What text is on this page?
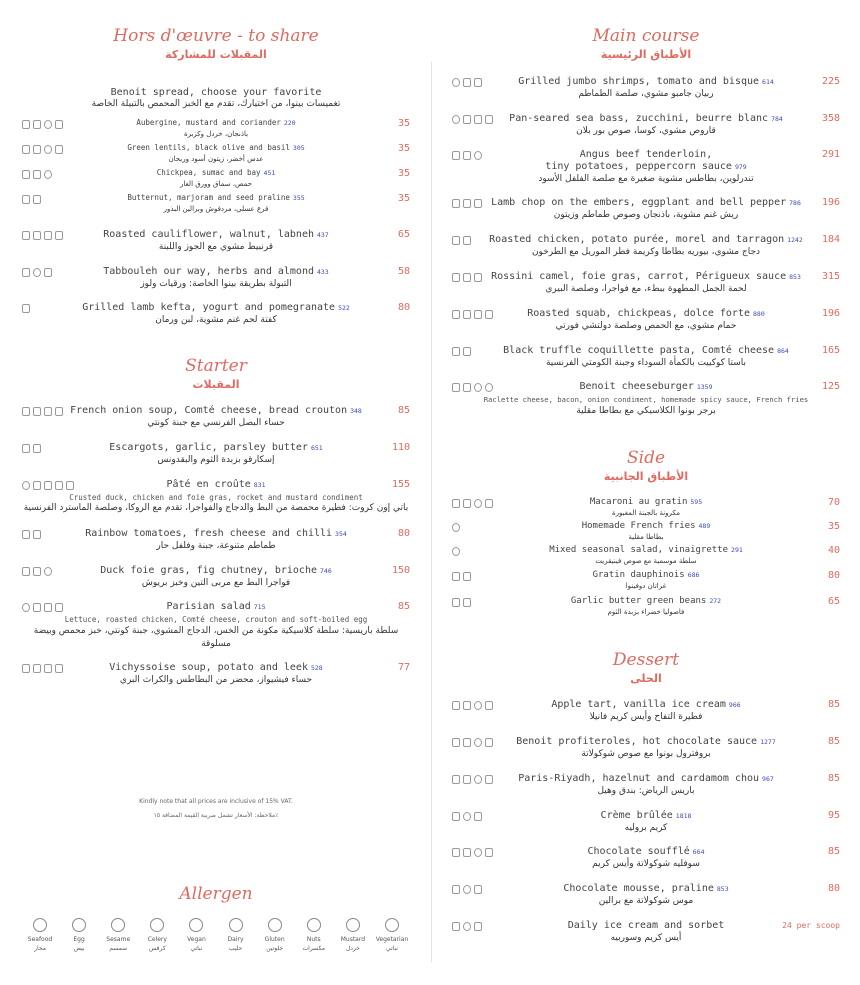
Hors d'œuvre - to share
المقبلات للمشاركة
Benoit spread, choose your favorite
تغميسات بينوا، من اختيارك، تقدم مع الخبز المحمص بالتبيلة الخاصة
Aubergine, mustard and coriander 220
باذنجان، خردل وكزبرة
35
Green lentils, black olive and basil 305
عدس أخضر، زيتون أسود وريحان
35
Chickpea, sumac and bay 451
حمص، سماق وورق الغار
35
Butternut, marjoram and seed praline 355
قرع عسلي، مردقوش وبرالين البذور
35
Roasted cauliflower, walnut, labneh 437
قرنبيط مشوي مع الجوز واللبنة
65
Tabbouleh our way, herbs and almond 433
التبولة بطريقة بينوا الخاصة: ورقيات ولوز
58
Grilled lamb kefta, yogurt and pomegranate 522
كفتة لحم غنم مشوية، لبن ورمان
80
Starter
المقبلات
French onion soup, Comté cheese, bread crouton 348
حساء البصل الفرنسي مع جبنة كونتي
85
Escargots, garlic, parsley butter 651
إسكارقو بزبدة الثوم والبقدونس
110
Pâté en croûte 831
Crusted duck, chicken and foie gras, rocket and mustard condiment
باتي إون كروت: فطيرة محمصة من البط والدجاج والفواجرا، تقدم مع الروكا، وصلصة الماسترد الفرنسية
155
Rainbow tomatoes, fresh cheese and chilli 354
طماطم متنوعة، جبنة وفلفل حار
80
Duck foie gras, fig chutney, brioche 746
فواجرا البط مع مربى التين وخبز بريوش
150
Parisian salad 715
Lettuce, roasted chicken, Comté cheese, crouton and soft-boiled egg
سلطة باريسية: سلطة كلاسيكية مكونة من الخس، الدجاج المشوي، جبنة كونتي، خبز محمص وبيضة مسلوقة
85
Vichyssoise soup, potato and leek 528
حساء فيشيواز، محضر من البطاطس والكراث البري
77
Kindly note that all prices are inclusive of 15% VAT.
ملاحظة: الأسعار تشمل ضريبة القيمة المضافة ١٥٪
Allergen
Seafood
محار
Egg
بيض
Sesame
سمسم
Celery
كرفس
Vegan
نباتي
Dairy
حليب
Gluten
جلوتين
Nuts
مكسرات
Mustard
خردل
Vegetarian
نباتي
Main course
الأطباق الرئيسية
Grilled jumbo shrimps, tomato and bisque 614
ربيان جامبو مشوي، صلصة الطماطم
225
Pan-seared sea bass, zucchini, beurre blanc 784
قاروص مشوي، كوسا، صوص بور بلان
358
Angus beef tenderloin,
tiny potatoes, peppercorn sauce 979
تندرلوين، بطاطس مشوية صغيرة مع صلصة الفلفل الأسود
291
Lamb chop on the embers, eggplant and bell pepper 786
ريش غنم مشوية، باذنجان وصوص طماطم وزيتون
196
Roasted chicken, potato purée, morel and tarragon 1242
دجاج مشوي، بيوريه بطاطا وكريمة فطر الموريل مع الطرخون
184
Rossini camel, foie gras, carrot, Périgueux sauce 853
لحمة الجمل المطهوة ببطء، مع فواجرا، وصلصة البيري
315
Roasted squab, chickpeas, dolce forte 880
حمام مشوي، مع الحمص وصلصة دولتشي فورتي
196
Black truffle coquillette pasta, Comté cheese 864
باستا كوكييت بالكمأة السوداء وجبنة الكومتي الفرنسية
165
Benoit cheeseburger 1359
Raclette cheese, bacon, onion condiment, homemade spicy sauce, French fries
برجر بونوا الكلاسيكي مع بطاطا مقلية
125
Side
الأطباق الجانبية
Macaroni au gratin 595
مكرونة بالجبنة المغبورة
70
Homemade French fries 489
بطاطا مقلية
35
Mixed seasonal salad, vinaigrette 291
سلطة موسمية مع صوص فينيقريت
40
Gratin dauphinois 686
غراتان دوفينوا
80
Garlic butter green beans 272
فاصوليا خضراء بزبدة الثوم
65
Dessert
الحلى
Apple tart, vanilla ice cream 966
فطيرة التفاح وأيس كريم فانيلا
85
Benoit profiteroles, hot chocolate sauce 1277
بروفترول بونوا مع صوص شوكولاتة
85
Paris-Riyadh, hazelnut and cardamom chou 967
باريس الرياض: بندق وهيل
85
Crème brûlée 1818
كريم بروليه
95
Chocolate soufflé 664
سوفليه شوكولاتة وأيس كريم
85
Chocolate mousse, praline 853
موس شوكولاتة مع برالين
80
Daily ice cream and sorbet
أيس كريم وسوربيه
24 per scoop
